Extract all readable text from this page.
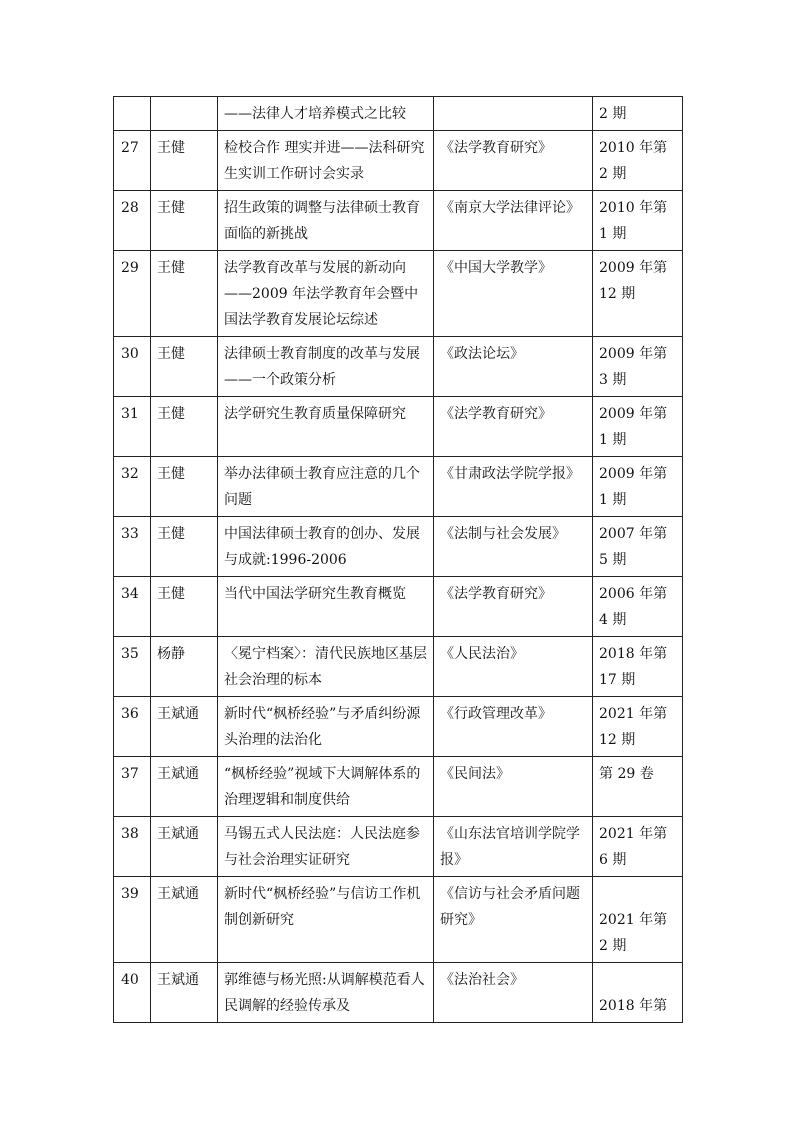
		——法律人才培养模式之比较		2 期
27	王健	检校合作 理实并进——法科研究生实训工作研讨会实录	《法学教育研究》	2010 年第 2 期
28	王健	招生政策的调整与法律硕士教育面临的新挑战	《南京大学法律评论》	2010 年第 1 期
29	王健	法学教育改革与发展的新动向——2009 年法学教育年会暨中国法学教育发展论坛综述	《中国大学教学》	2009 年第 12 期
30	王健	法律硕士教育制度的改革与发展——一个政策分析	《政法论坛》	2009 年第 3 期
31	王健	法学研究生教育质量保障研究	《法学教育研究》	2009 年第 1 期
32	王健	举办法律硕士教育应注意的几个问题	《甘肃政法学院学报》	2009 年第 1 期
33	王健	中国法律硕士教育的创办、发展与成就:1996-2006	《法制与社会发展》	2007 年第 5 期
34	王健	当代中国法学研究生教育概览	《法学教育研究》	2006 年第 4 期
35	杨静	〈冕宁档案〉：清代民族地区基层社会治理的标本	《人民法治》	2018 年第 17 期
36	王斌通	新时代“枫桥经验”与矛盾纠纷源头治理的法治化	《行政管理改革》	2021 年第 12 期
37	王斌通	“枫桥经验”视域下大调解体系的治理逻辑和制度供给	《民间法》	第 29 卷
38	王斌通	马锡五式人民法庭：人民法庭参与社会治理实证研究	《山东法官培训学院学报》	2021 年第 6 期
39	王斌通	新时代“枫桥经验”与信访工作机制创新研究	《信访与社会矛盾问题研究》	2021 年第 2 期
40	王斌通	郭维德与杨光照:从调解模范看人民调解的经验传承及	《法治社会》	2018 年第
